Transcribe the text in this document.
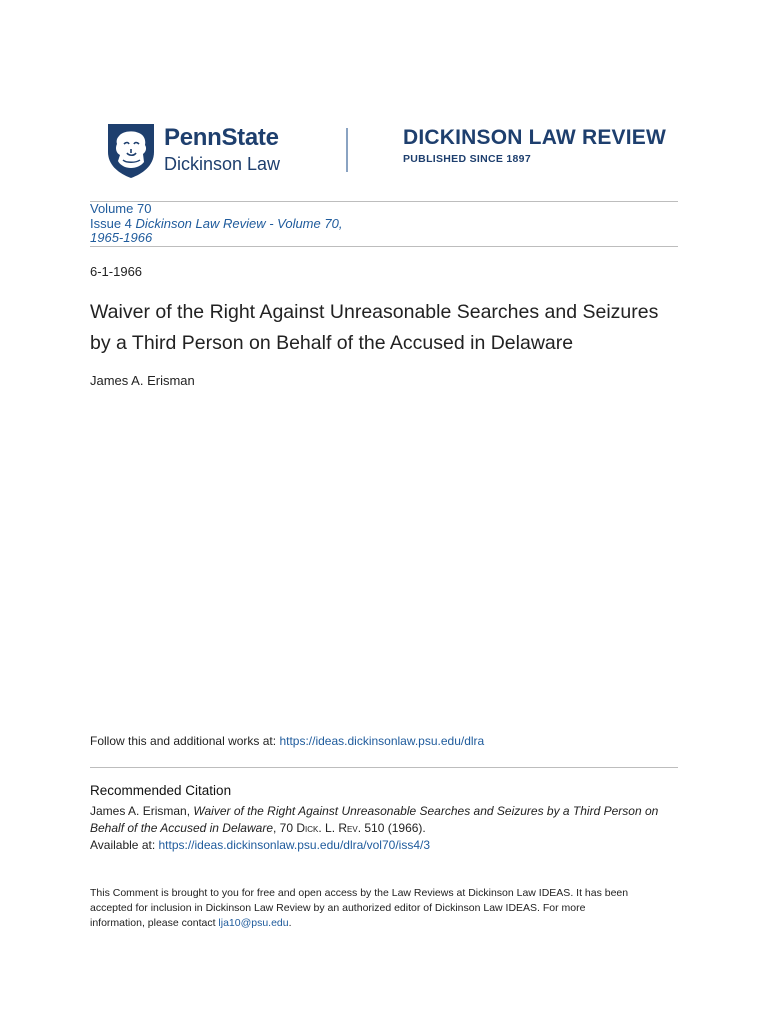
PennState
Dickinson Law
DICKINSON LAW REVIEW
PUBLISHED SINCE 1897
Volume 70
Issue 4 Dickinson Law Review - Volume 70,
1965-1966
6-1-1966
Waiver of the Right Against Unreasonable Searches and Seizures
by a Third Person on Behalf of the Accused in Delaware
James A. Erisman
Follow this and additional works at: https://ideas.dickinsonlaw.psu.edu/dlra
Recommended Citation
James A. Erisman, Waiver of the Right Against Unreasonable Searches and Seizures by a Third Person on
Behalf of the Accused in Delaware, 70 Dick. L. Rev. 510 (1966).
Available at: https://ideas.dickinsonlaw.psu.edu/dlra/vol70/iss4/3
This Comment is brought to you for free and open access by the Law Reviews at Dickinson Law IDEAS. It has been
accepted for inclusion in Dickinson Law Review by an authorized editor of Dickinson Law IDEAS. For more
information, please contact lja10@psu.edu.
